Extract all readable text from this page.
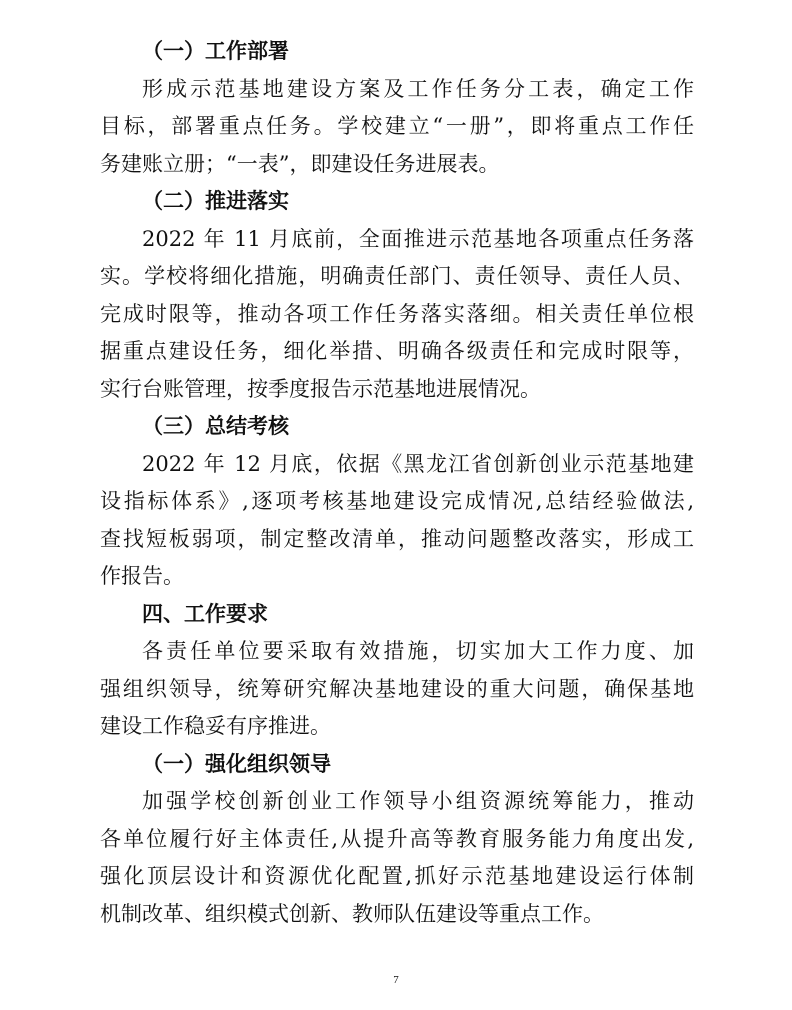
（一）工作部署
形成示范基地建设方案及工作任务分工表，确定工作
目标，部署重点任务。学校建立“一册”，即将重点工作任
务建账立册；“一表”，即建设任务进展表。
（二）推进落实
2022 年 11 月底前，全面推进示范基地各项重点任务落
实。学校将细化措施，明确责任部门、责任领导、责任人员、
完成时限等，推动各项工作任务落实落细。相关责任单位根
据重点建设任务，细化举措、明确各级责任和完成时限等，
实行台账管理，按季度报告示范基地进展情况。
（三）总结考核
2022 年 12 月底，依据《黑龙江省创新创业示范基地建
设指标体系》,逐项考核基地建设完成情况,总结经验做法,
查找短板弱项，制定整改清单，推动问题整改落实，形成工
作报告。
四、工作要求
各责任单位要采取有效措施，切实加大工作力度、加
强组织领导，统筹研究解决基地建设的重大问题，确保基地
建设工作稳妥有序推进。
（一）强化组织领导
加强学校创新创业工作领导小组资源统筹能力，推动
各单位履行好主体责任,从提升高等教育服务能力角度出发,
强化顶层设计和资源优化配置,抓好示范基地建设运行体制
机制改革、组织模式创新、教师队伍建设等重点工作。
7
